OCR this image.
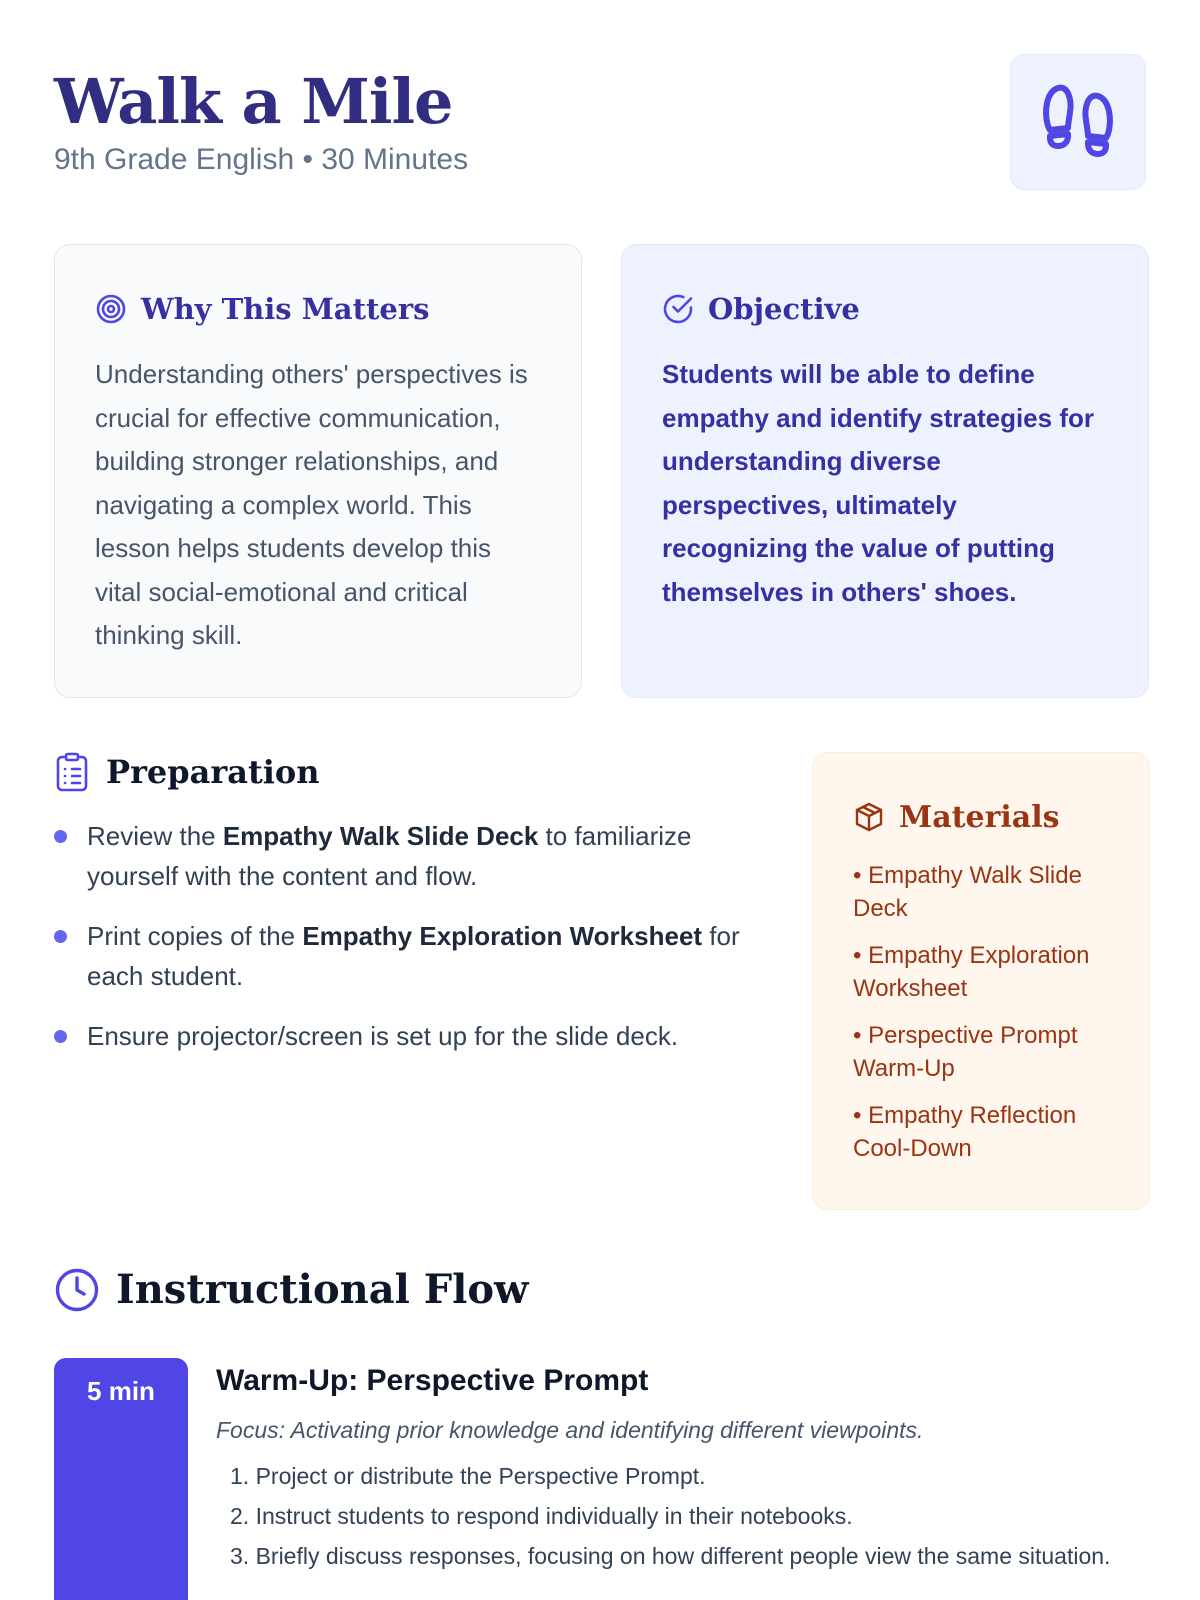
Walk a Mile
9th Grade English • 30 Minutes
Why This Matters

Understanding others' perspectives is crucial for effective communication, building stronger relationships, and navigating a complex world. This lesson helps students develop this vital social-emotional and critical thinking skill.

Objective

Students will be able to define empathy and identify strategies for understanding diverse perspectives, ultimately recognizing the value of putting themselves in others' shoes.

Preparation
Review the Empathy Walk Slide Deck to familiarize yourself with the content and flow.
Print copies of the Empathy Exploration Worksheet for each student.
Ensure projector/screen is set up for the slide deck.
Materials
• Empathy Walk Slide Deck
• Empathy Exploration Worksheet
• Perspective Prompt Warm-Up
• Empathy Reflection Cool-Down
Instructional Flow
5 min	Warm-Up: Perspective Prompt
Focus: Activating prior knowledge and identifying different viewpoints.
1. Project or distribute the Perspective Prompt.
2. Instruct students to respond individually in their notebooks.
3. Briefly discuss responses, focusing on how different people view the same situation.
